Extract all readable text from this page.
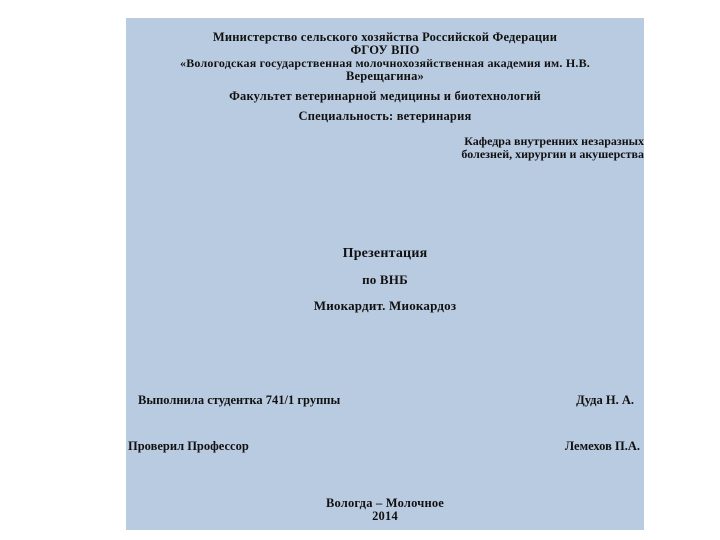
Министерство сельского хозяйства Российской Федерации
ФГОУ ВПО
«Вологодская государственная молочнохозяйственная академия им. Н.В.
Верещагина»
Факультет ветеринарной медицины и биотехнологий
Специальность: ветеринария
Кафедра внутренних незаразных
болезней, хирургии и акушерства
Презентация
по ВНБ
Миокардит. Миокардоз
Выполнила студентка 741/1 группы	Дуда Н. А.
Проверил Профессор	Лемехов П.А.
Вологда – Молочное
2014
